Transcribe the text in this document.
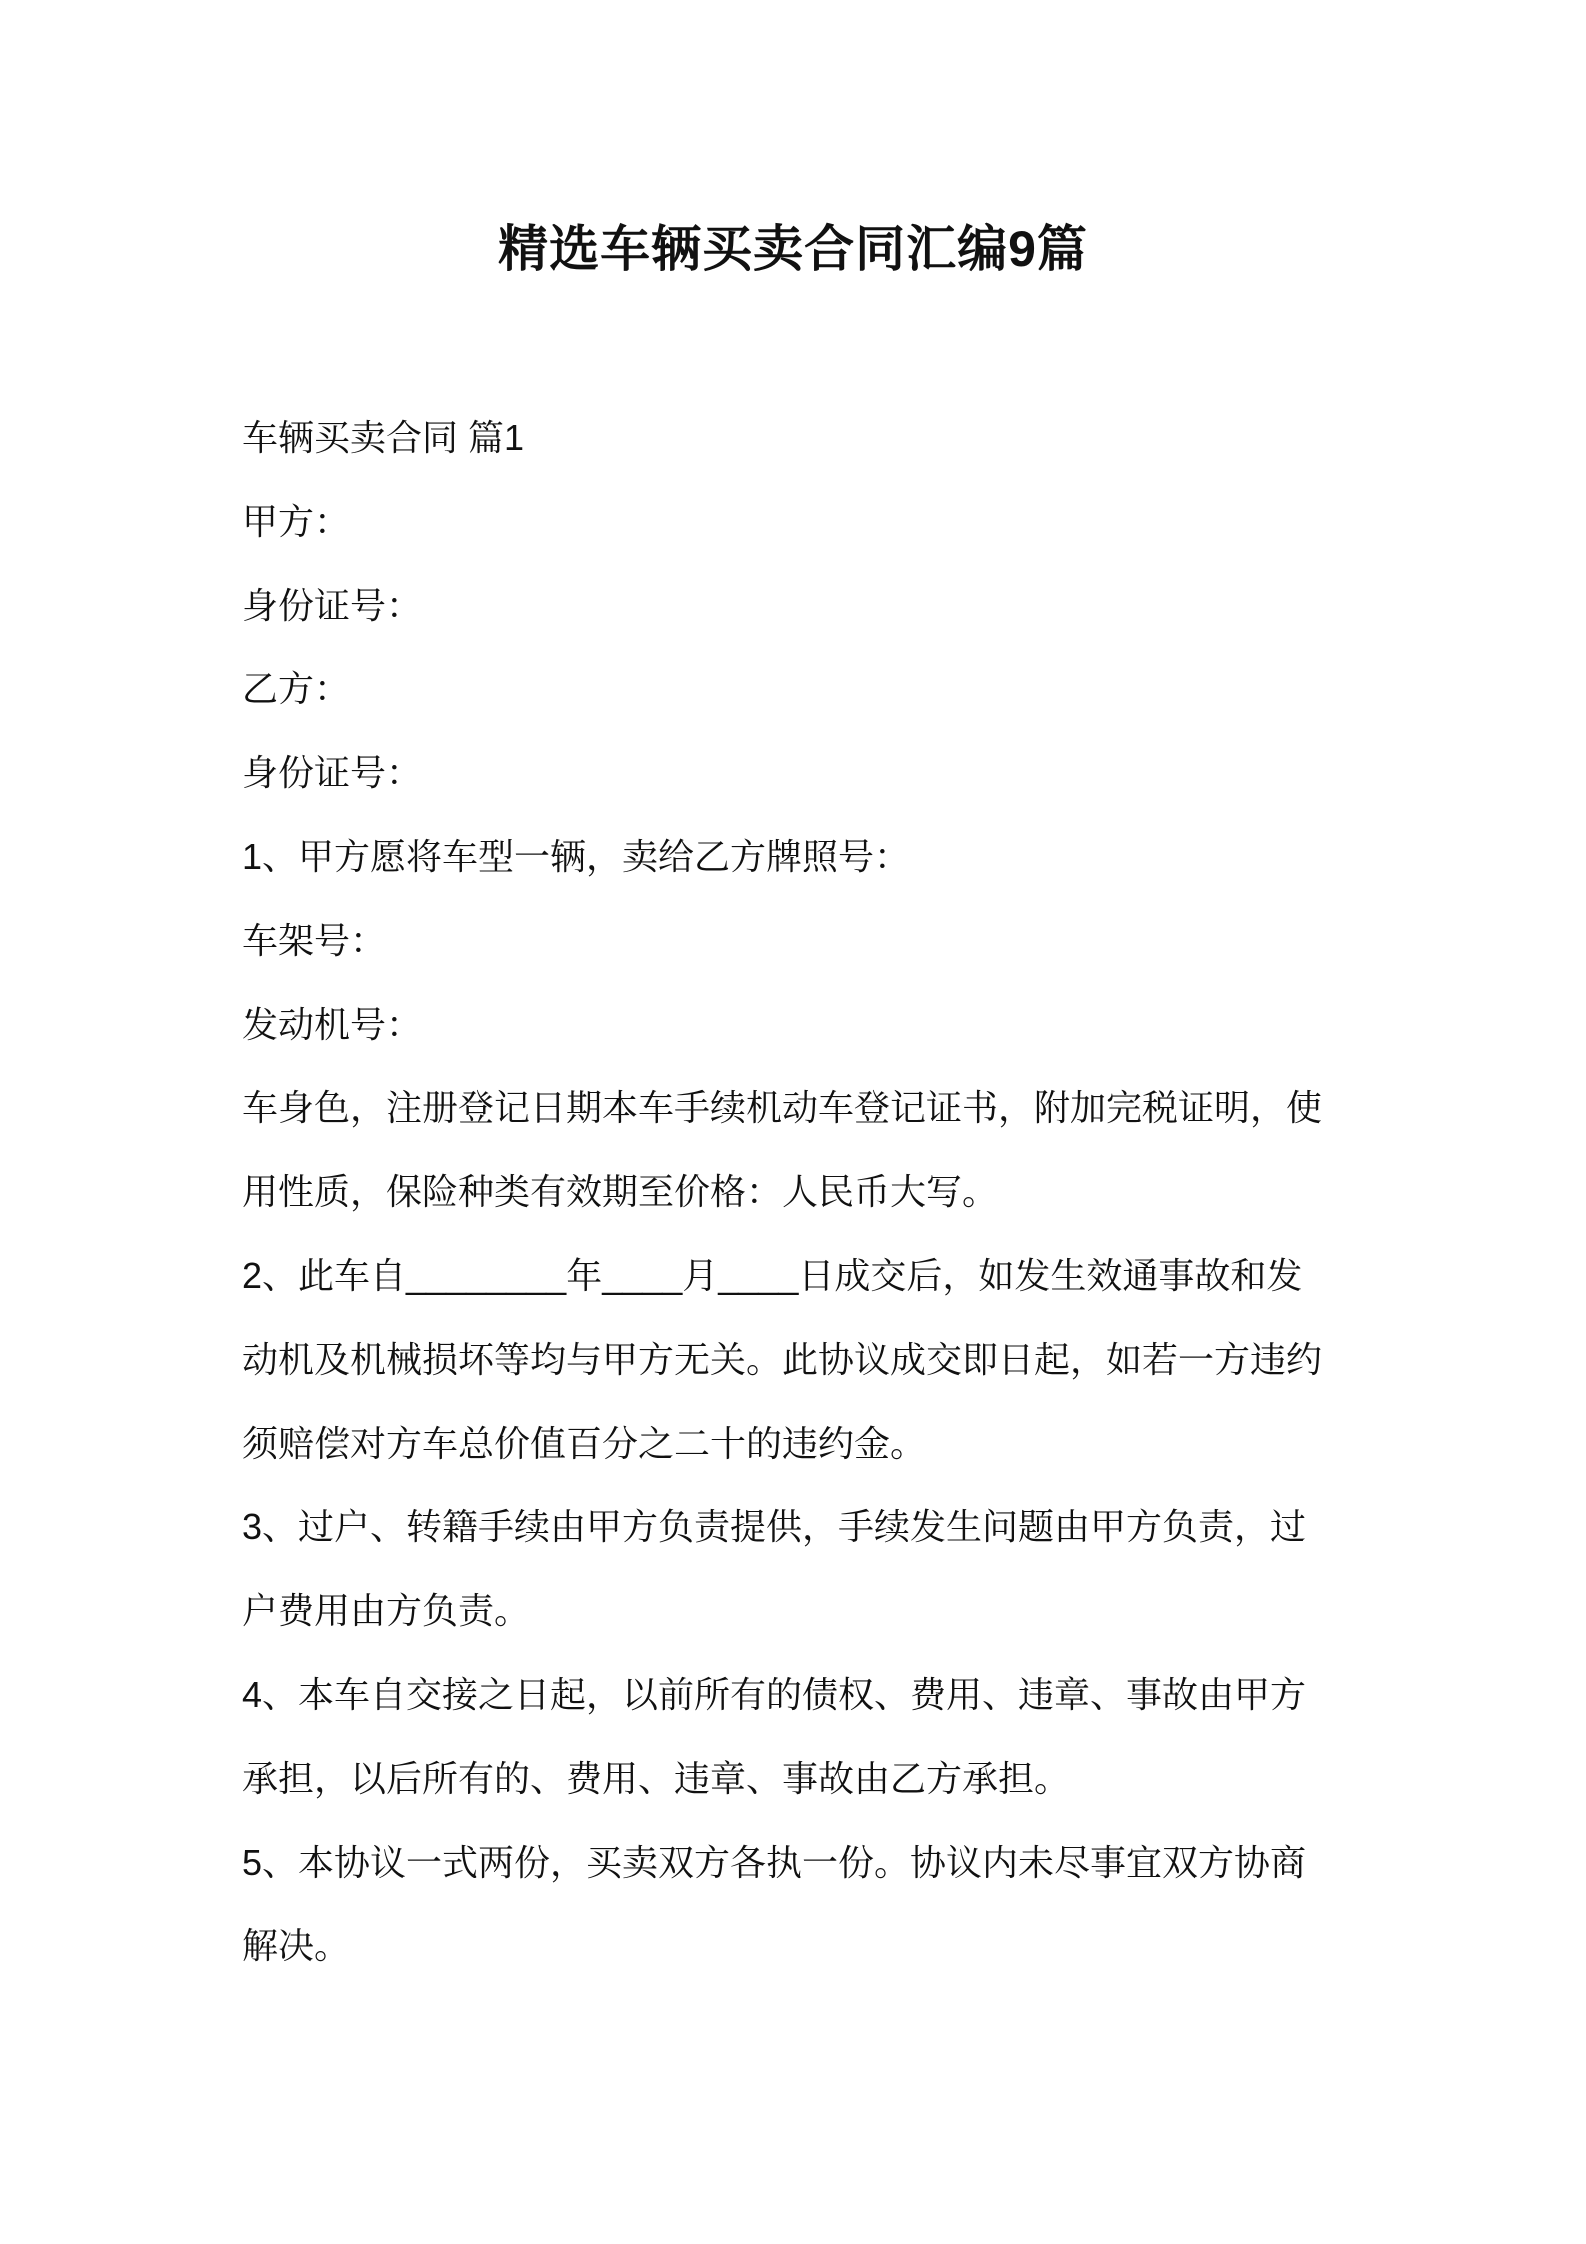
精选车辆买卖合同汇编9篇
车辆买卖合同 篇1
甲方：
身份证号：
乙方：
身份证号：
1、甲方愿将车型一辆，卖给乙方牌照号：
车架号：
发动机号：
车身色，注册登记日期本车手续机动车登记证书，附加完税证明，使
用性质，保险种类有效期至价格：人民币大写。
2、此车自________年____月____日成交后，如发生效通事故和发
动机及机械损坏等均与甲方无关。此协议成交即日起，如若一方违约
须赔偿对方车总价值百分之二十的违约金。
3、过户、转籍手续由甲方负责提供，手续发生问题由甲方负责，过
户费用由方负责。
4、本车自交接之日起，以前所有的债权、费用、违章、事故由甲方
承担，以后所有的、费用、违章、事故由乙方承担。
5、本协议一式两份，买卖双方各执一份。协议内未尽事宜双方协商
解决。
